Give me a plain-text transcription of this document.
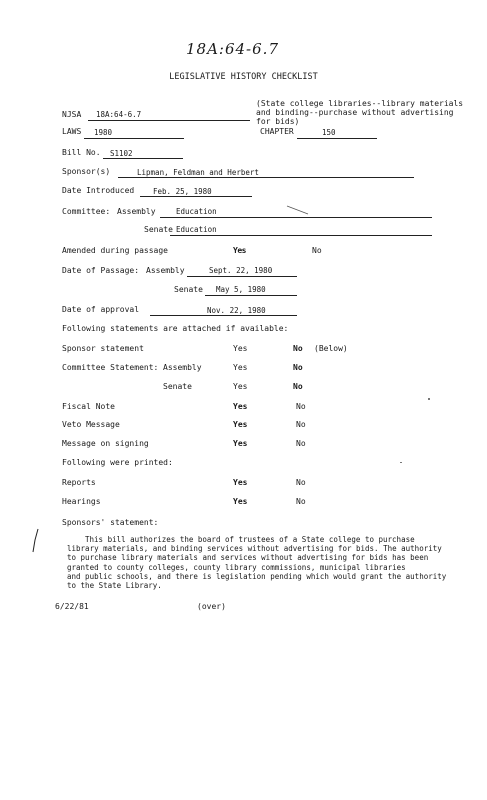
18A:64-6.7
LEGISLATIVE HISTORY CHECKLIST
NJSA 18A:64-6.7
(State college libraries--library materials
and binding--purchase without advertising
for bids)
LAWS 1980	CHAPTER	150
Bill No. S1102
Sponsor(s)	Lipman, Feldman and Herbert
Date Introduced	Feb. 25, 1980
Committee: Assembly	Education
Senate Education
Amended during passage	Yes	No
Date of Passage: Assembly	Sept. 22, 1980
Senate May 5, 1980
Date of approval	Nov. 22, 1980
Following statements are attached if available:
Sponsor statement	Yes	No (Below)
Committee Statement: Assembly	Yes	No
Senate	Yes	No
Fiscal Note	Yes	No
Veto Message	Yes	No
Message on signing	Yes	No
Following were printed:
Reports	Yes	No
Hearings	Yes	No
Sponsors' statement:
This bill authorizes the board of trustees of a State college to purchase
library materials, and binding services without advertising for bids. The authority
to purchase library materials and services without advertising for bids has been
granted to county colleges, county library commissions, municipal libraries
and public schools, and there is legislation pending which would grant the authority
to the State Library.
6/22/81	(over)
